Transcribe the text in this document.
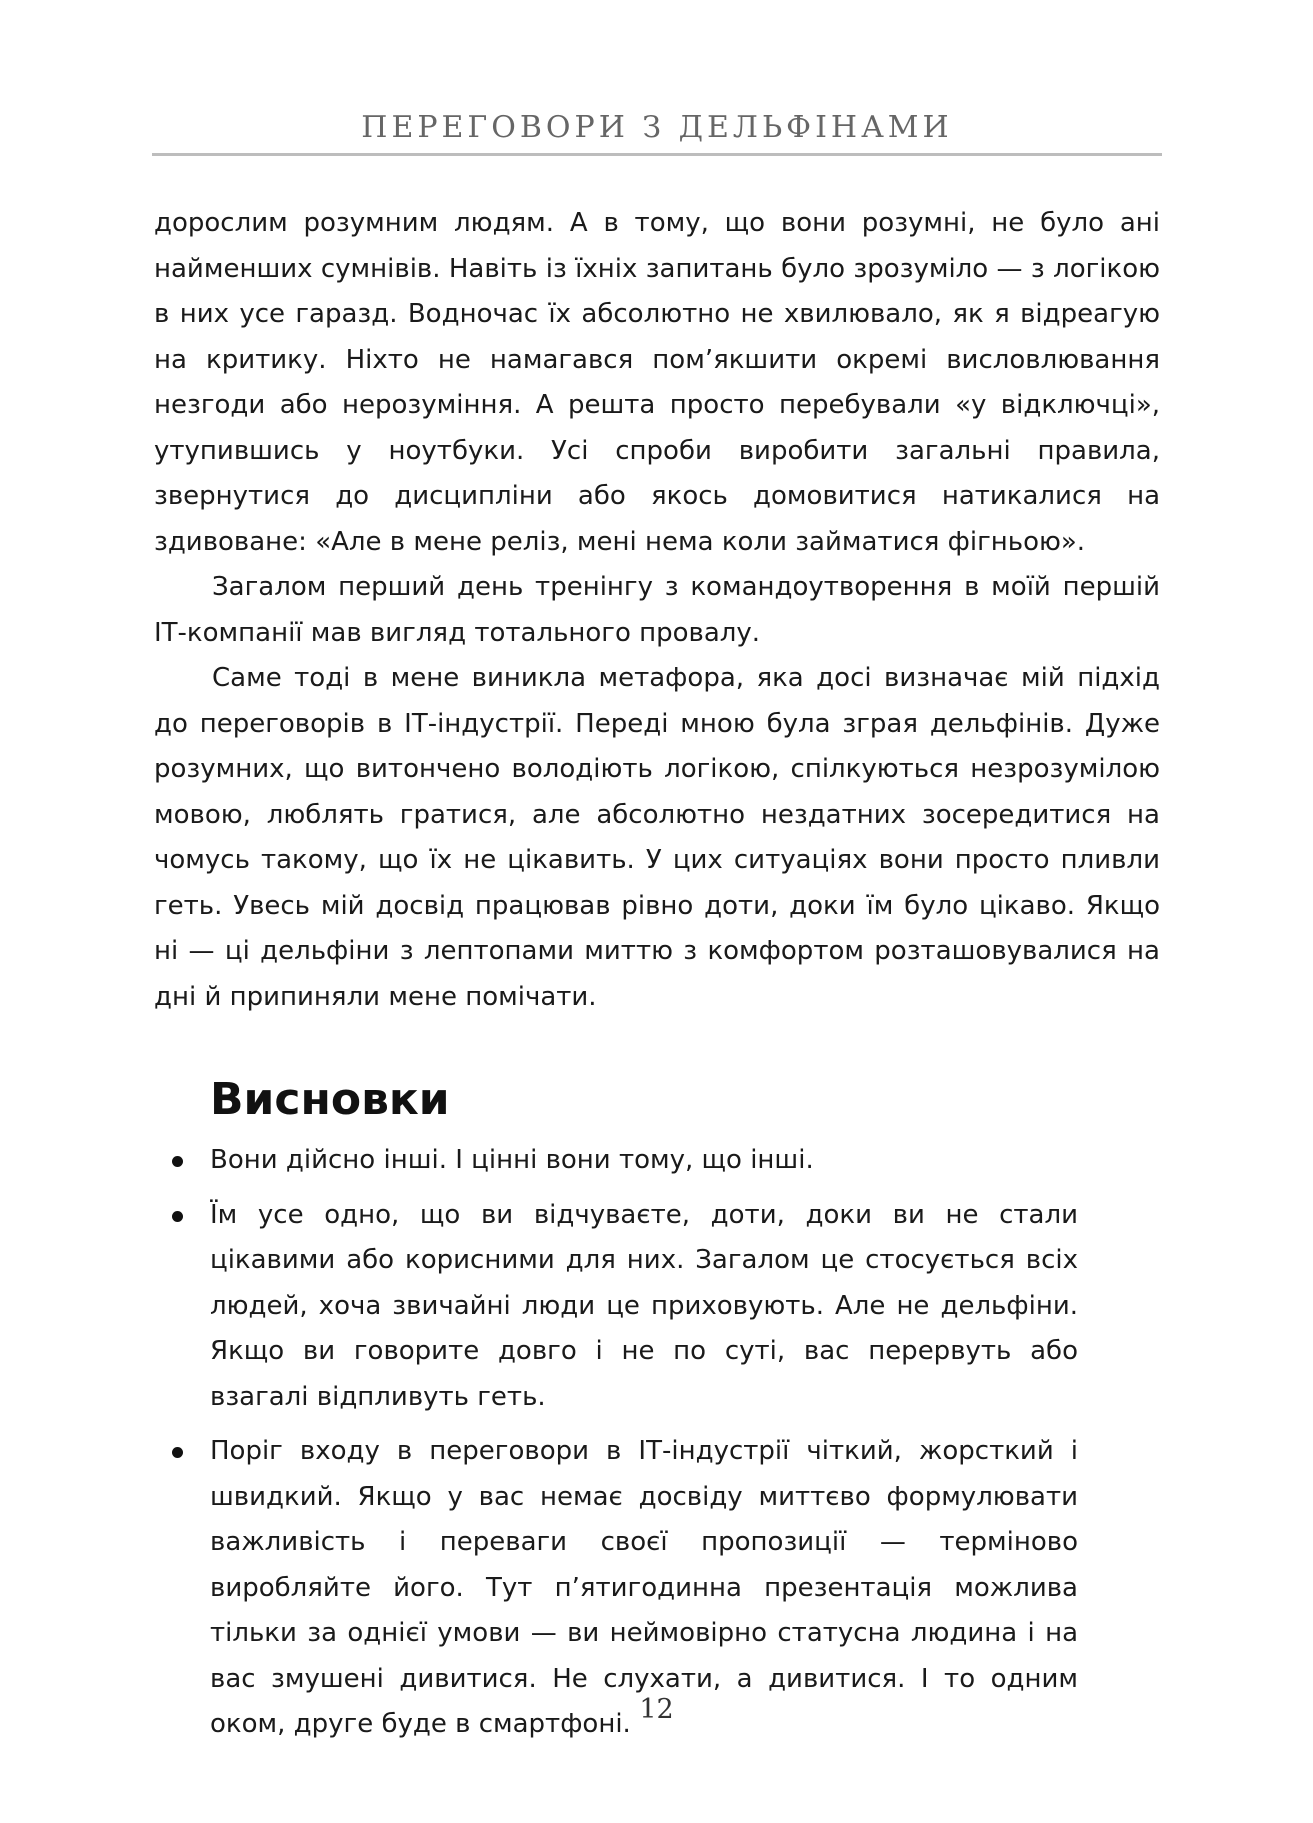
ПЕРЕГОВОРИ З ДЕЛЬФІНАМИ

дорослим розумним людям. А в тому, що вони розумні, не було ані найменших сумнівів. Навіть із їхніх запитань було зрозуміло — з логікою в них усе гаразд. Водночас їх абсолютно не хвилювало, як я відреагую на критику. Ніхто не намагався пом’якшити окремі висловлювання незгоди або нерозуміння. А решта просто перебували «у відключці», утупившись у ноутбуки. Усі спроби виробити загальні правила, звернутися до дисципліни або якось домовитися натикалися на здивоване: «Але в мене реліз, мені нема коли займатися фігньою».

Загалом перший день тренінгу з командоутворення в моїй першій ІТ-компанії мав вигляд тотального провалу.

Саме тоді в мене виникла метафора, яка досі визначає мій підхід до переговорів в ІТ-індустрії. Переді мною була зграя дельфінів. Дуже розумних, що витончено володіють логікою, спілкуються незрозумілою мовою, люблять гратися, але абсолютно нездатних зосередитися на чомусь такому, що їх не цікавить. У цих ситуаціях вони просто пливли геть. Увесь мій досвід працював рівно доти, доки їм було цікаво. Якщо ні — ці дельфіни з лептопами миттю з комфортом розташовувалися на дні й припиняли мене помічати.

Висновки
Вони дійсно інші. І цінні вони тому, що інші.
Їм усе одно, що ви відчуваєте, доти, доки ви не стали цікавими або корисними для них. Загалом це стосується всіх людей, хоча звичайні люди це приховують. Але не дельфіни. Якщо ви говорите довго і не по суті, вас перервуть або взагалі відпливуть геть.
Поріг входу в переговори в ІТ-індустрії чіткий, жорсткий і швидкий. Якщо у вас немає досвіду миттєво формулювати важливість і переваги своєї пропозиції — терміново виробляйте його. Тут п’ятигодинна презентація можлива тільки за однієї умови — ви неймовірно статусна людина і на вас змушені дивитися. Не слухати, а дивитися. І то одним оком, друге буде в смартфоні. 12
